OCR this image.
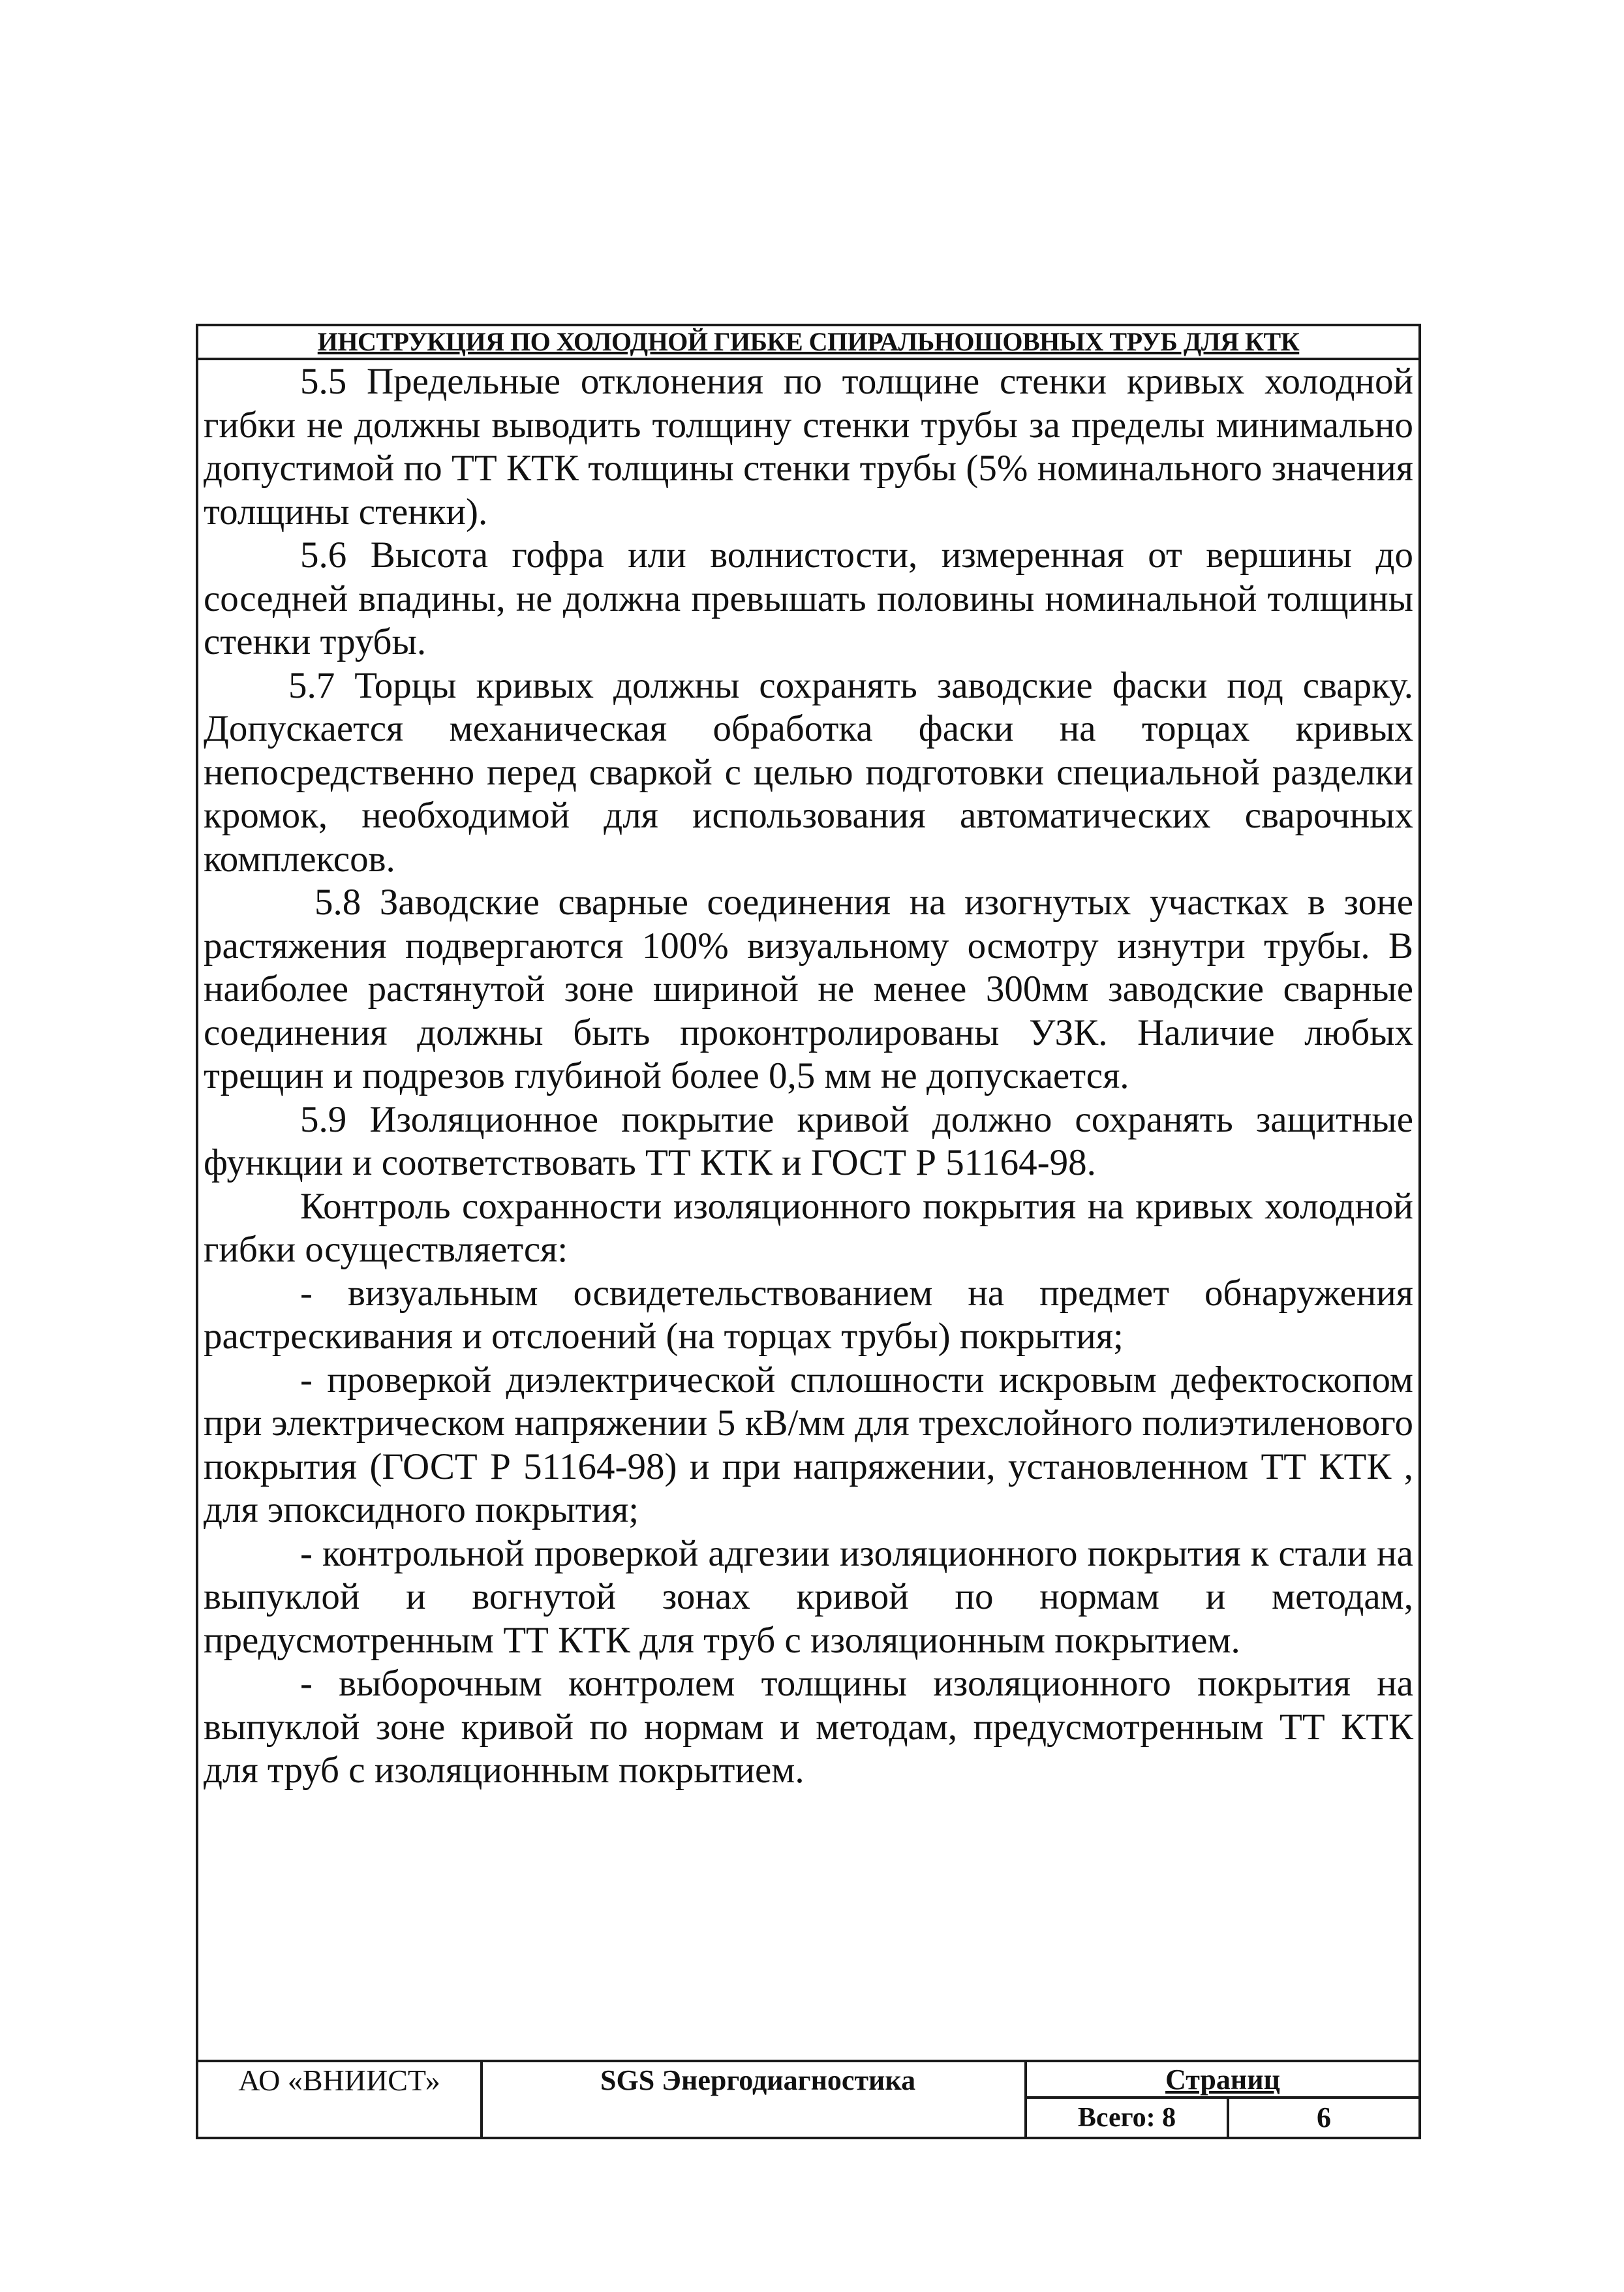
ИНСТРУКЦИЯ ПО ХОЛОДНОЙ ГИБКЕ СПИРАЛЬНОШОВНЫХ ТРУБ ДЛЯ КТК

5.5 Предельные отклонения по толщине стенки кривых холодной гибки не должны выводить толщину стенки трубы за пределы минимально допустимой по ТТ КТК толщины стенки трубы (5% номинального значения толщины стенки).

5.6 Высота гофра или волнистости, измеренная от вершины до соседней впадины, не должна превышать половины номинальной толщины стенки трубы.

5.7 Торцы кривых должны сохранять заводские фаски под сварку. Допускается механическая обработка фаски на торцах кривых непосредственно перед сваркой с целью подготовки специальной разделки кромок, необходимой для использования автоматических сварочных комплексов.

5.8 Заводские сварные соединения на изогнутых участках в зоне растяжения подвергаются 100% визуальному осмотру изнутри трубы. В наиболее растянутой зоне шириной не менее 300мм заводские сварные соединения должны быть проконтролированы УЗК. Наличие любых трещин и подрезов глубиной более 0,5 мм не допускается.

5.9 Изоляционное покрытие кривой должно сохранять защитные функции и соответствовать ТТ КТК и ГОСТ Р 51164-98.

Контроль сохранности изоляционного покрытия на кривых холодной гибки осуществляется:

- визуальным освидетельствованием на предмет обнаружения растрескивания и отслоений (на торцах трубы) покрытия;

- проверкой диэлектрической сплошности искровым дефектоскопом при электрическом напряжении 5 кВ/мм для трехслойного полиэтиленового покрытия (ГОСТ Р 51164-98) и при напряжении, установленном ТТ КТК , для эпоксидного покрытия;

- контрольной проверкой адгезии изоляционного покрытия к стали на выпуклой и вогнутой зонах кривой по нормам и методам, предусмотренным ТТ КТК для труб с изоляционным покрытием.

- выборочным контролем толщины изоляционного покрытия на выпуклой зоне кривой по нормам и методам, предусмотренным ТТ КТК для труб с изоляционным покрытием.

АО «ВНИИСТ»	SGS Энергодиагностика	Страниц
Всего: 8	6
